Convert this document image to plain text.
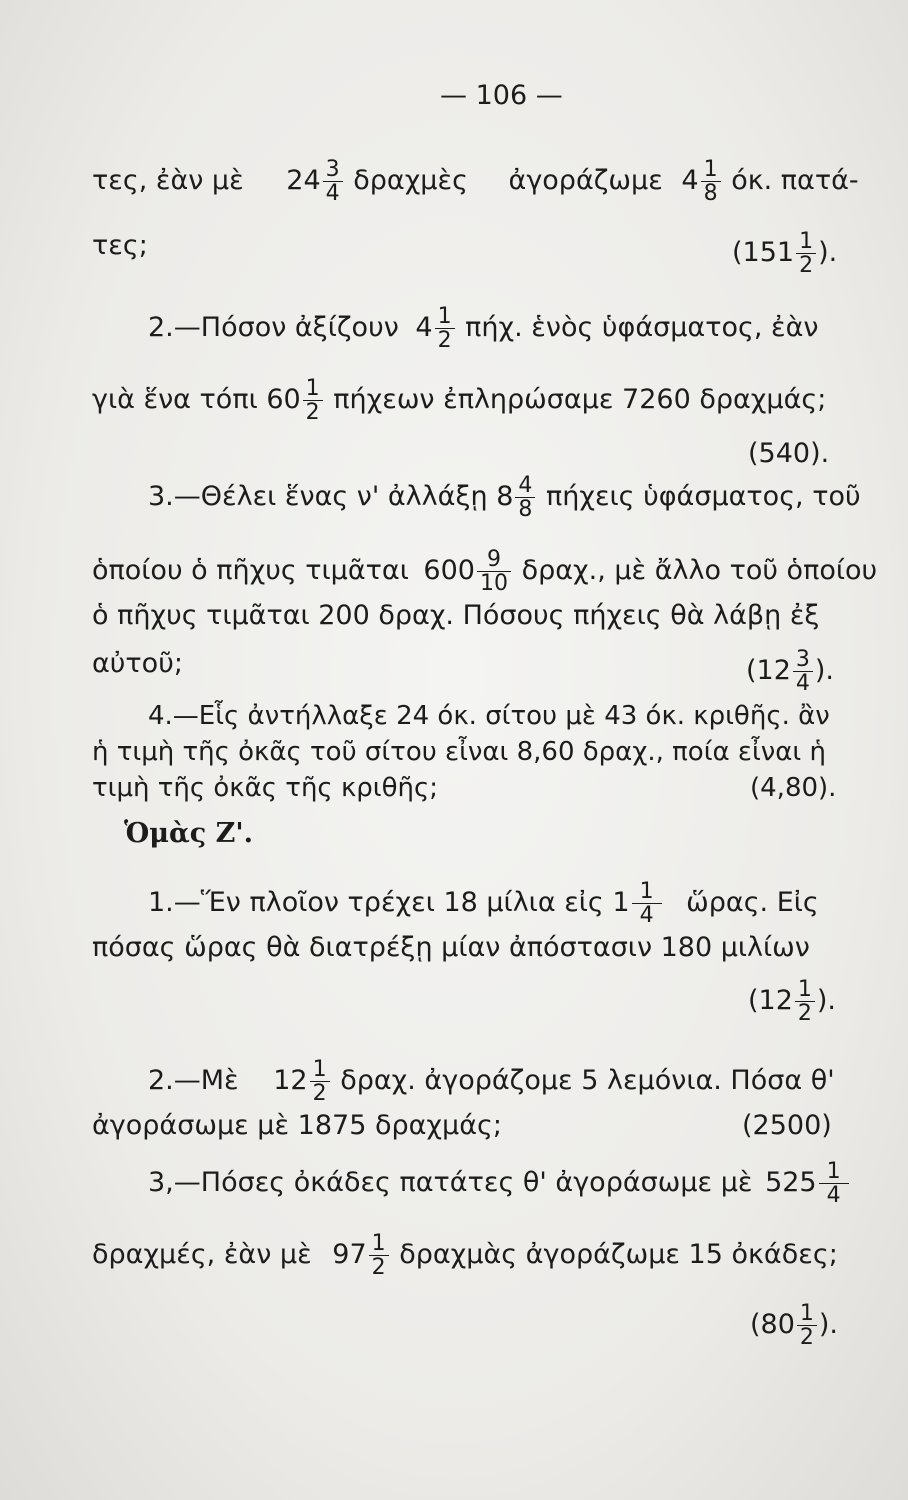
— 106 —
τες, ἐὰν μὲ $24 \frac{3}{4}$ δραχμὲς ἀγοράζωμε $4 \frac{1}{8} ό\kappa$. πατά-
τες;	($151 \frac{1}{2}$ ).
2.—Πόσον ἀξίζουν $4 \frac{1}{2} \pi ή\chi$. ἑνὸς ὑφάσματος, ἐὰν
γιὰ ἕνα τόπι $60 \frac{1}{2}$ πήχεων ἐπληρώσαμε 7260 δραχμάς;
(540).
3.—Θέλει ἕνας ν' ἀλλάξῃ $8 \frac{4}{8}$ πήχεις ὑφάσματος, τοῦ
ὁποίου ὁ πῆχυς τιμᾶται $600 \frac{9}{10} \delta\rho\alpha\chi$., μὲ ἄλλο τοῦ ὁποίου
ὁ πῆχυς τιμᾶται 200 δραχ. Πόσους πήχεις θὰ λάβῃ ἐξ
αὐτοῦ;	($12 \frac{3}{4}$ ).
4.—Εἷς ἀντήλλαξε 24 όκ. σίτου μὲ 43 όκ. κριθῆς. ἂν
ἡ τιμὴ τῆς ὀκᾶς τοῦ σίτου εἶναι 8,60 δραχ., ποία εἶναι ἡ
τιμὴ τῆς ὀκᾶς τῆς κριθῆς;	(4,80).
Ὁμὰς Ζ'.
1.—Ἕν πλοῖον τρέχει 18 μίλια εἰς $1 \frac{1}{4}$ ὥρας. Εἰς
πόσας ὥρας θὰ διατρέξῃ μίαν ἀπόστασιν 180 μιλίων
($12 \frac{1}{2}$ ).
2.—Μὲ $12 \frac{1}{2} \delta\rho\alpha\chi$. ἀγοράζομε 5 λεμόνια. Πόσα θ'
ἀγοράσωμε μὲ 1875 δραχμάς;	(2500)
3,—Πόσες ὀκάδες πατάτες θ' ἀγοράσωμε μὲ $525 \frac{1}{4}$
δραχμές, ἐὰν μὲ $97 \frac{1}{2}$ δραχμὰς ἀγοράζωμε 15 ὀκάδες;
($80 \frac{1}{2}$ ).
